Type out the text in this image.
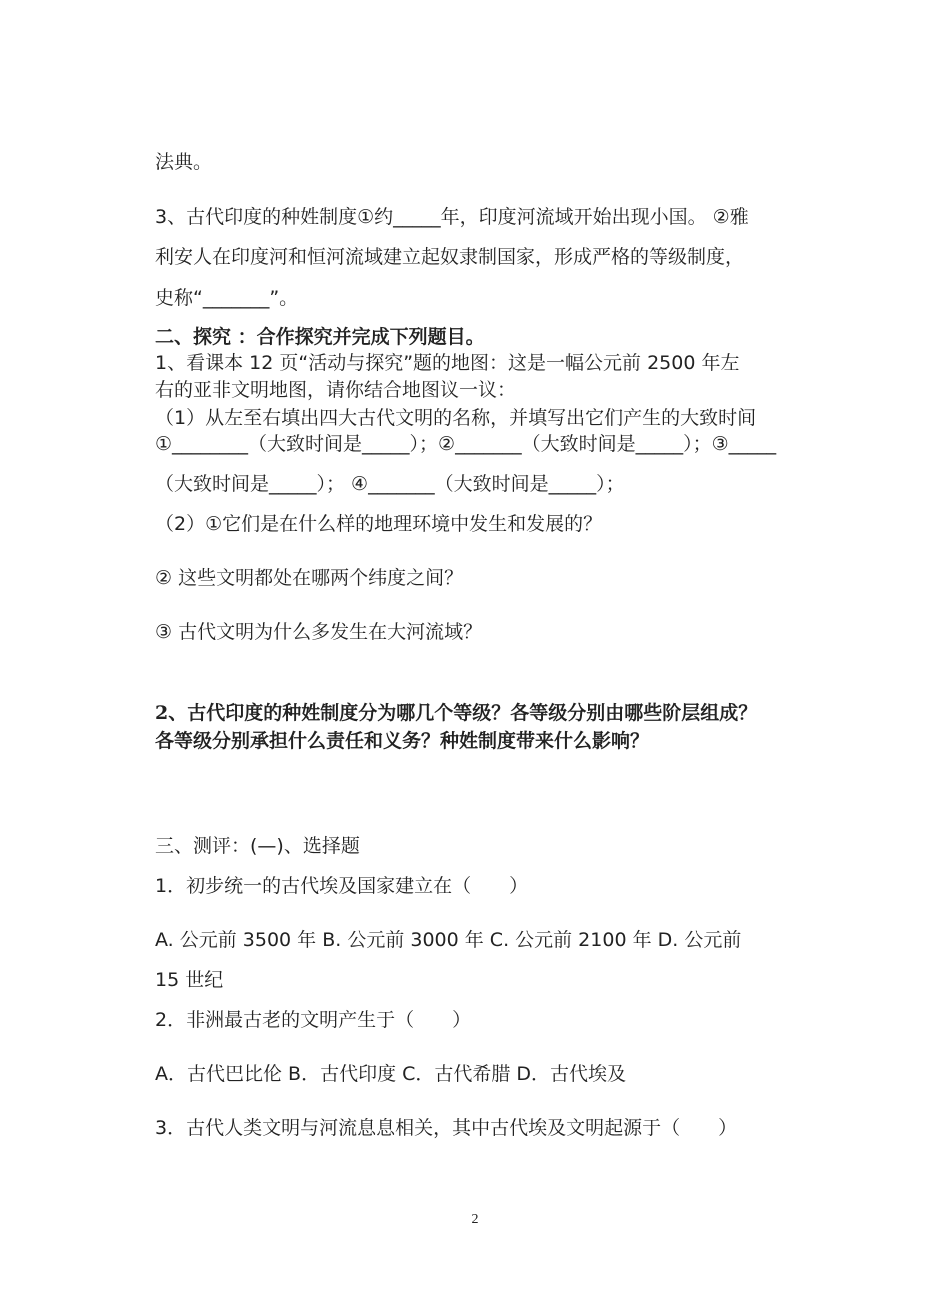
法典。
3、古代印度的种姓制度①约_____年，印度河流域开始出现小国。 ②雅
利安人在印度河和恒河流域建立起奴隶制国家，形成严格的等级制度，
史称“_______”。
二、探究 ：合作探究并完成下列题目。
1、看课本 12 页“活动与探究”题的地图：这是一幅公元前 2500 年左
右的亚非文明地图，请你结合地图议一议：
（1）从左至右填出四大古代文明的名称，并填写出它们产生的大致时间
①________（大致时间是_____）；②_______（大致时间是_____）；③_____
（大致时间是_____）； ④_______（大致时间是_____）；
（2）①它们是在什么样的地理环境中发生和发展的？
② 这些文明都处在哪两个纬度之间？
③ 古代文明为什么多发生在大河流域？
2、古代印度的种姓制度分为哪几个等级？各等级分别由哪些阶层组成？
各等级分别承担什么责任和义务？种姓制度带来什么影响？
三、测评：(—)、选择题
1．初步统一的古代埃及国家建立在（　　）
A. 公元前 3500 年 B. 公元前 3000 年 C. 公元前 2100 年 D. 公元前
15 世纪
2．非洲最古老的文明产生于（　　）
A．古代巴比伦 B．古代印度 C．古代希腊 D．古代埃及
3．古代人类文明与河流息息相关，其中古代埃及文明起源于（　　）
2
